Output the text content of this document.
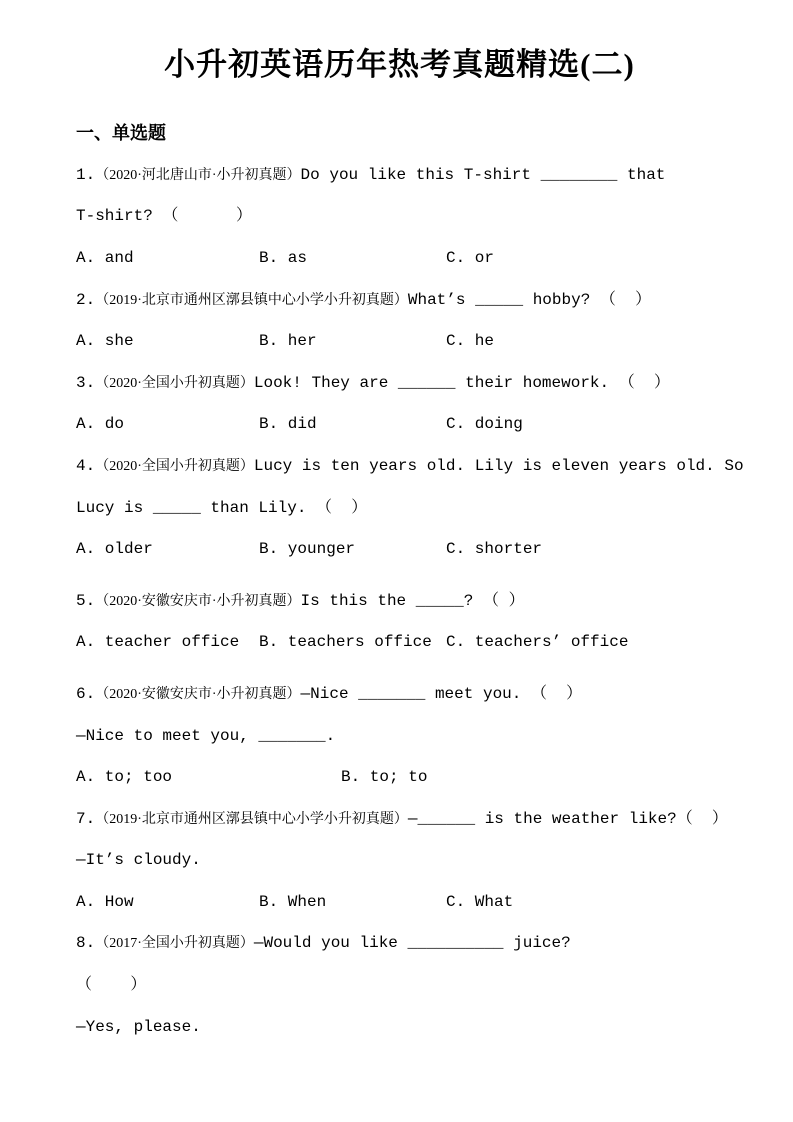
小升初英语历年热考真题精选(二)
一、单选题
1.（2020·河北唐山市·小升初真题）Do you like this T-shirt ________ that
T-shirt? （      ）
A. and	B. as	C. or
2.（2019·北京市通州区漷县镇中心小学小升初真题）What’s _____ hobby? （  ）
A. she	B. her	C. he
3.（2020·全国小升初真题）Look! They are ______ their homework. （  ）
A. do	B. did	C. doing
4.（2020·全国小升初真题）Lucy is ten years old. Lily is eleven years old. So
Lucy is _____ than Lily. （  ）
A. older	B. younger	C. shorter
5.（2020·安徽安庆市·小升初真题）Is this the _____? （ ）
A. teacher office	B. teachers office C. teachers’ office
6.（2020·安徽安庆市·小升初真题）—Nice _______ meet you. （  ）
—Nice to meet you, _______.
A. to; too	B. to; to
7.（2019·北京市通州区漷县镇中心小学小升初真题）—______ is the weather like?（  ）
—It’s cloudy.
A. How	B. When	C. What
8.（2017·全国小升初真题）—Would you like __________ juice?
（    ）
—Yes, please.
